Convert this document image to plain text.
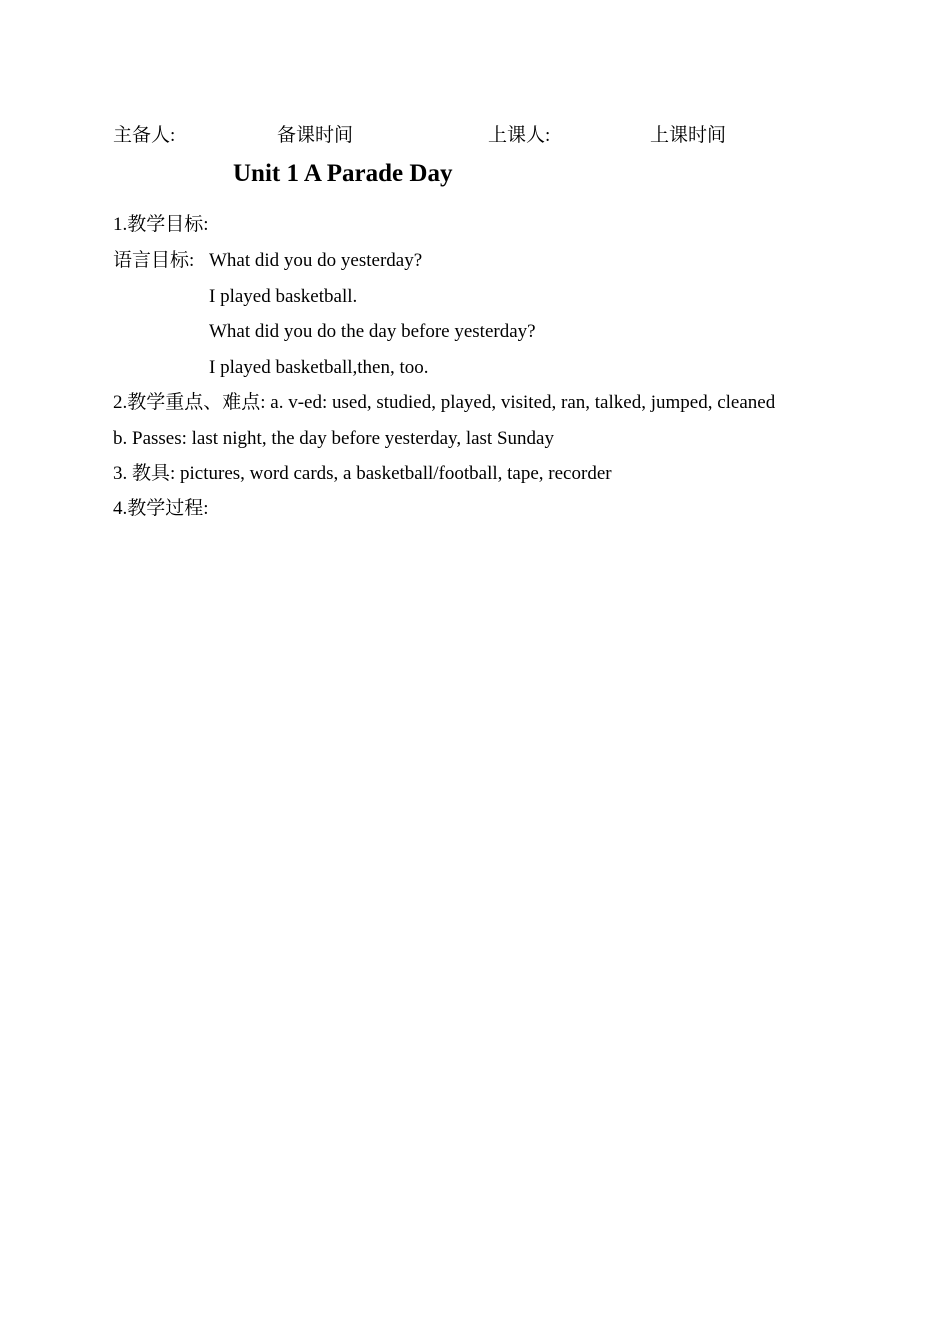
主备人:	备课时间	上课人:	上课时间
Unit 1 A Parade Day
1.教学目标:
语言目标: What did you do yesterday?
I played basketball.
What did you do the day before yesterday?
I played basketball,then, too.
2.教学重点、难点: a. v-ed: used, studied, played, visited, ran, talked, jumped, cleaned
b. Passes: last night, the day before yesterday, last Sunday
3. 教具: pictures, word cards, a basketball/football, tape, recorder
4.教学过程:
